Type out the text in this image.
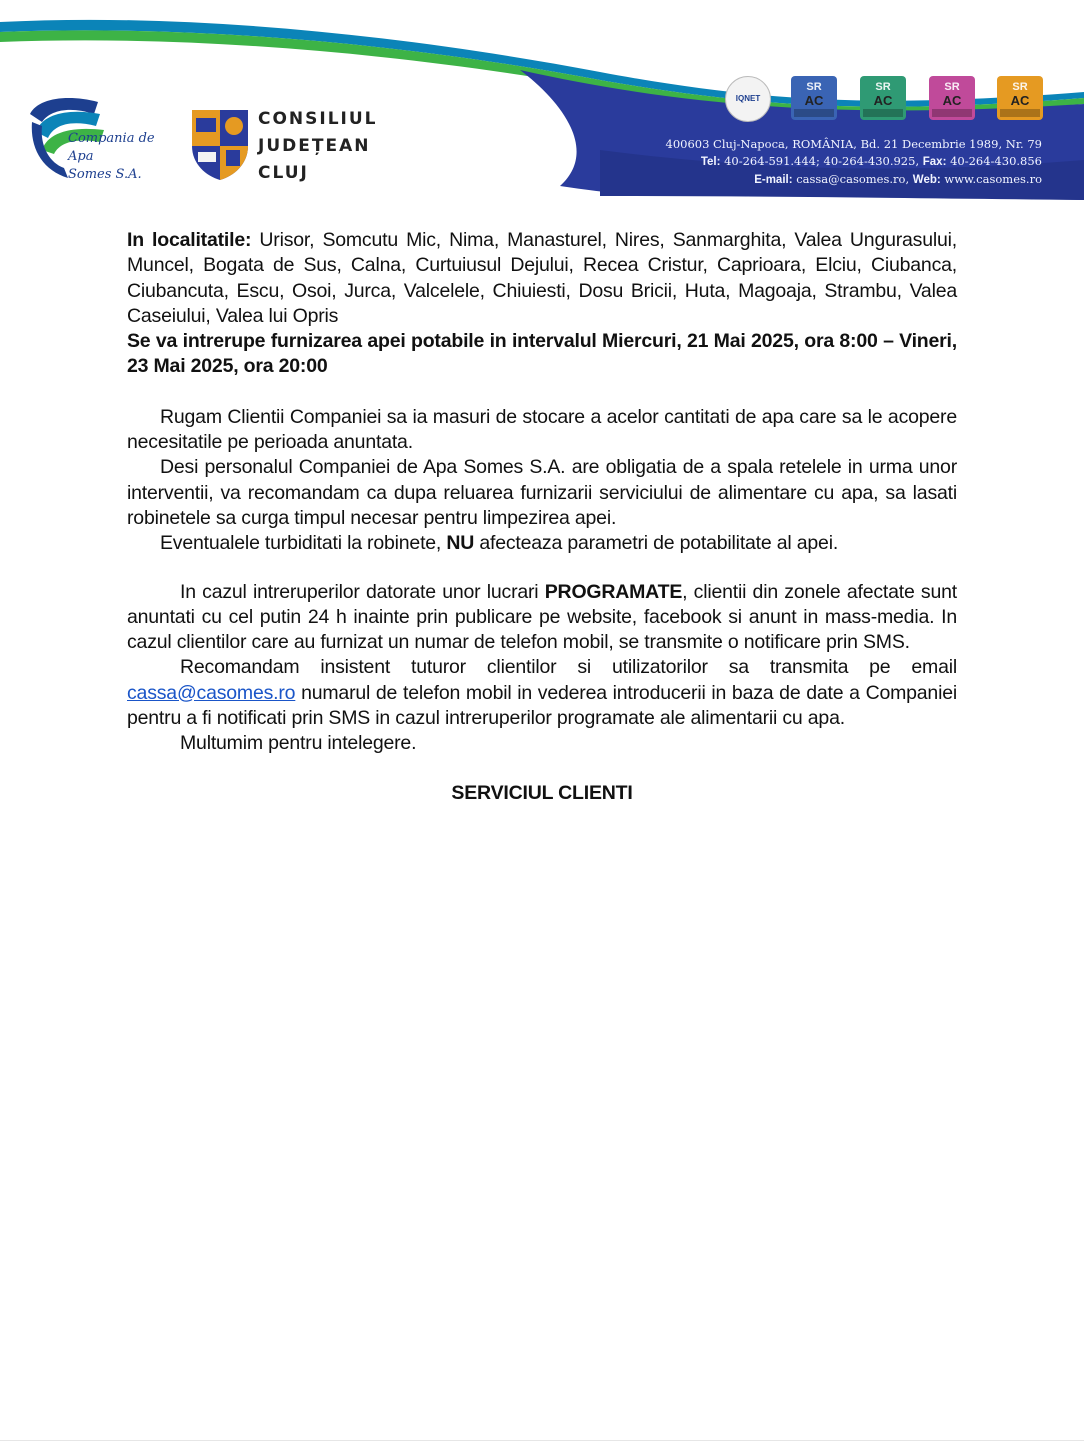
Compania de Apa
Somes S.A.
CONSILIUL
JUDEȚEAN
CLUJ
IQNET
SR
AC
SR
AC
SR
AC
SR
AC
400603 Cluj-Napoca, ROMÂNIA, Bd. 21 Decembrie 1989, Nr. 79
Tel: 40-264-591.444; 40-264-430.925, Fax: 40-264-430.856
E-mail: cassa@casomes.ro, Web: www.casomes.ro

In localitatile: Urisor, Somcutu Mic, Nima, Manasturel, Nires, Sanmarghita, Valea Ungurasului, Muncel, Bogata de Sus, Calna, Curtuiusul Dejului, Recea Cristur, Caprioara, Elciu, Ciubanca, Ciubancuta, Escu, Osoi, Jurca, Valcelele, Chiuiesti, Dosu Bricii, Huta, Magoaja, Strambu, Valea Caseiului, Valea lui Opris

Se va intrerupe furnizarea apei potabile in intervalul Miercuri, 21 Mai 2025, ora 8:00 – Vineri, 23 Mai 2025, ora 20:00

Rugam Clientii Companiei sa ia masuri de stocare a acelor cantitati de apa care sa le acopere necesitatile pe perioada anuntata.

Desi personalul Companiei de Apa Somes S.A. are obligatia de a spala retelele in urma unor interventii, va recomandam ca dupa reluarea furnizarii serviciului de alimentare cu apa, sa lasati robinetele sa curga timpul necesar pentru limpezirea apei.

Eventualele turbiditati la robinete, NU afecteaza parametri de potabilitate al apei.

In cazul intreruperilor datorate unor lucrari PROGRAMATE, clientii din zonele afectate sunt anuntati cu cel putin 24 h inainte prin publicare pe website, facebook si anunt in mass-media. In cazul clientilor care au furnizat un numar de telefon mobil, se transmite o notificare prin SMS.

Recomandam insistent tuturor clientilor si utilizatorilor sa transmita pe email cassa@casomes.ro numarul de telefon mobil in vederea introducerii in baza de date a Companiei pentru a fi notificati prin SMS in cazul intreruperilor programate ale alimentarii cu apa.

Multumim pentru intelegere.

SERVICIUL CLIENTI
